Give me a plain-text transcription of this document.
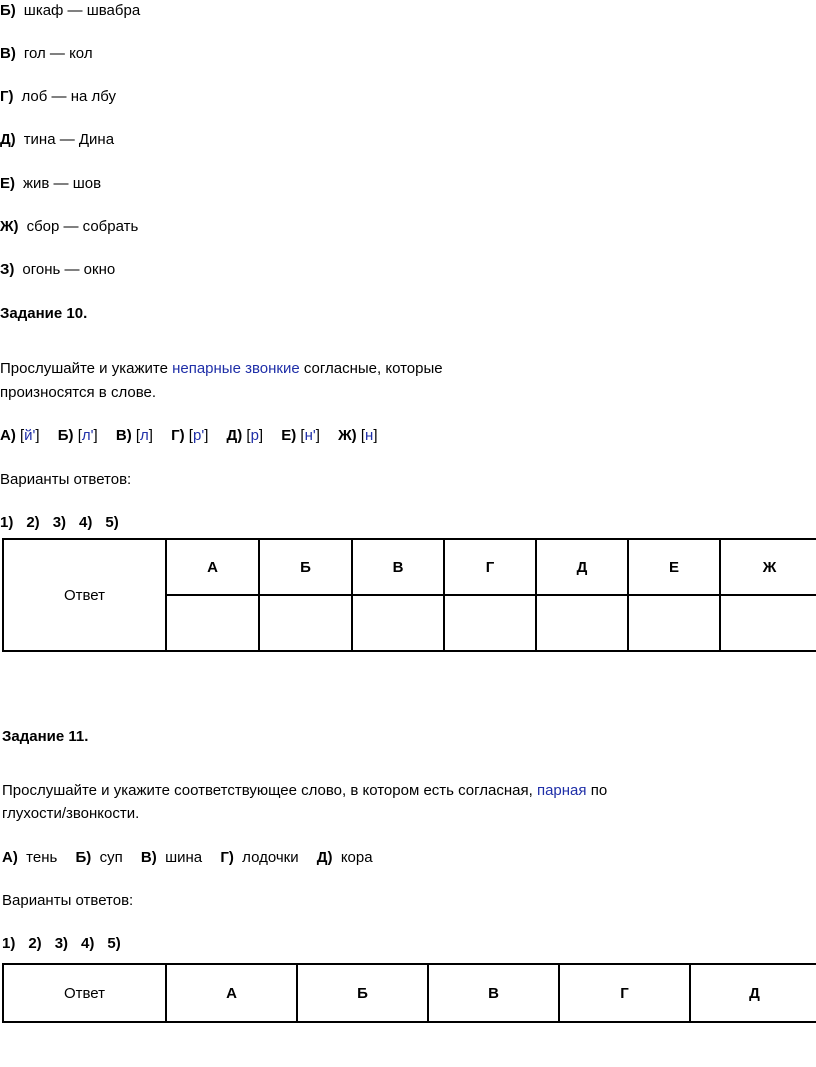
Б) шкаф — швабра
В) гол — кол
Г) лоб — на лбу
Д) тина — Дина
Е) жив — шов
Ж) сбор — собрать
З) огонь — окно
Задание 10.
Прослушайте и укажите непарные звонкие согласные, которые
произносятся в слове.
А) [й'] Б) [л'] В) [л] Г) [р'] Д) [р] Е) [н'] Ж) [н]
Варианты ответов:
1) 2) 3) 4) 5)
Ответ	А	Б	В	Г	Д	Е	Ж

Задание 11.
Прослушайте и укажите соответствующее слово, в котором есть согласная, парная по
глухости/звонкости.
А) тень Б) суп В) шина Г) лодочки Д) кора
Варианты ответов:
1) 2) 3) 4) 5)
Ответ	А	Б	В	Г	Д
